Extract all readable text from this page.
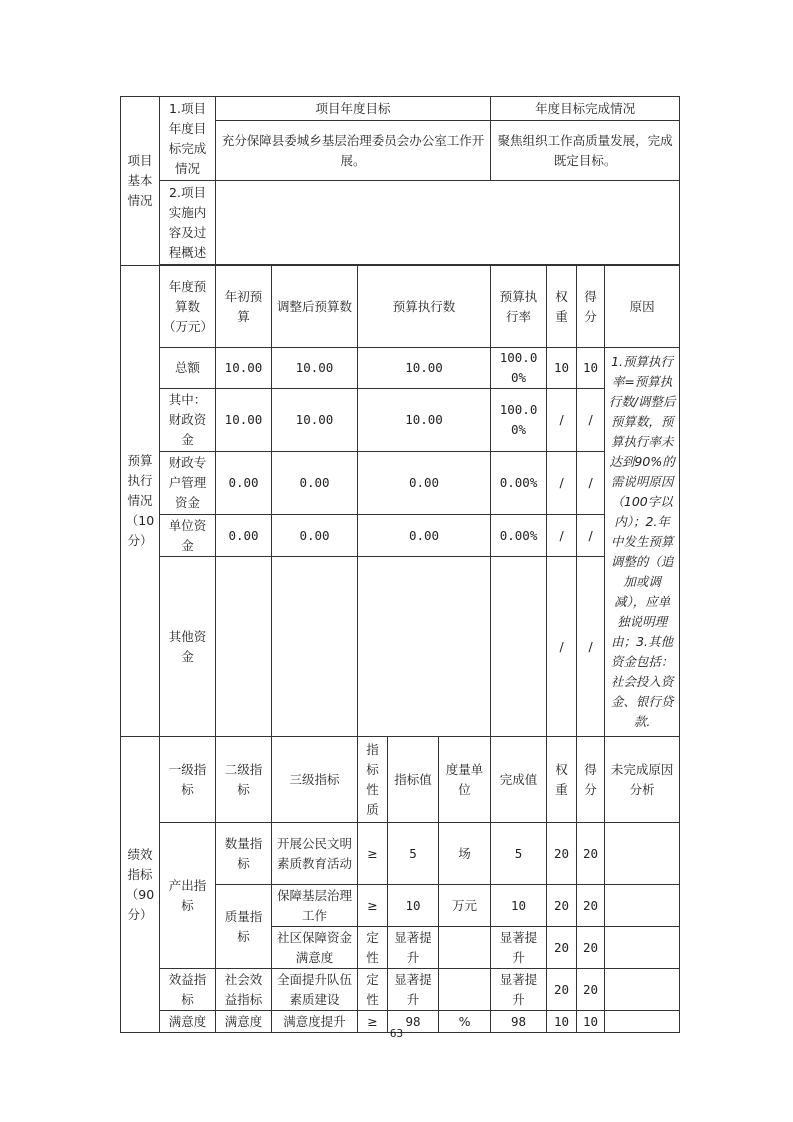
项目基本情况	1.项目年度目标完成情况	项目年度目标					年度目标完成情况			
		充分保障县委城乡基层治理委员会办公室工作开展。					聚焦组织工作高质量发展，完成既定目标。			
	2.项目实施内容及过程概述									

预算执行情况（10分）	年度预算数（万元）	年初预算	调整后预算数	预算执行数			预算执行率	权重	得分	原因
	总额	10.00	10.00	10.00			100.00%	10	10	1.预算执行率=预算执行数/调整后预算数，预算执行率未达到90%的需说明原因（100字以内）；2.年中发生预算调整的（追加或调减），应单独说明理由；3.其他资金包括：社会投入资金、银行贷款.
	其中：财政资金	10.00	10.00	10.00			100.00%	/	/	
	财政专户管理资金	0.00	0.00	0.00			0.00%	/	/	
	单位资金	0.00	0.00	0.00			0.00%	/	/	
	其他资金							/	/	
绩效指标（90分）	一级指标	二级指标	三级指标	指标性质	指标值	度量单位	完成值	权重	得分	未完成原因分析
	产出指标	数量指标	开展公民文明素质教育活动	≥	5	场	5	20	20	
		质量指标	保障基层治理工作	≥	10	万元	10	20	20	
			社区保障资金满意度	定性	显著提升		显著提升	20	20	
	效益指标	社会效益指标	全面提升队伍素质建设	定性	显著提升		显著提升	20	20	
	满意度	满意度	满意度提升	≥	98	%	98	10	10	
63
